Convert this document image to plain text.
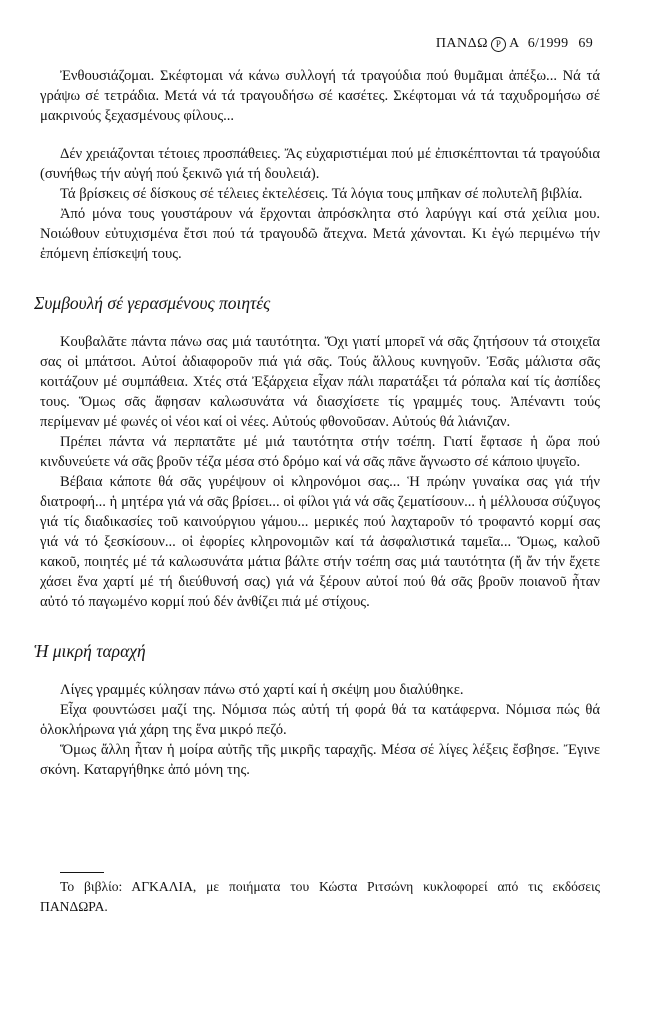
ΠΑΝΔΩ Ρ Α 6/1999 69

Ἐνθουσιάζομαι. Σκέφτομαι νά κάνω συλλογή τά τραγούδια πού θυμᾶμαι ἀπέξω... Νά τά γράψω σέ τετράδια. Μετά νά τά τραγουδήσω σέ κασέτες. Σκέφτομαι νά τά ταχυδρομήσω σέ μακρινούς ξεχασμένους φίλους...

Δέν χρειάζονται τέτοιες προσπάθειες. Ἄς εὐχαριστιέμαι πού μέ ἐπισκέπτονται τά τραγούδια (συνήθως τήν αὐγή πού ξεκινῶ γιά τή δουλειά).

Τά βρίσκεις σέ δίσκους σέ τέλειες ἐκτελέσεις. Τά λόγια τους μπῆκαν σέ πολυτελῆ βιβλία.

Ἀπό μόνα τους γουστάρουν νά ἔρχονται ἀπρόσκλητα στό λαρύγγι καί στά χείλια μου. Νοιώθουν εὐτυχισμένα ἔτσι πού τά τραγουδῶ ἄτεχνα. Μετά χάνονται. Κι ἐγώ περιμένω τήν ἑπόμενη ἐπίσκεψή τους.

Συμβουλή σέ γερασμένους ποιητές

Κουβαλᾶτε πάντα πάνω σας μιά ταυτότητα. Ὄχι γιατί μπορεῖ νά σᾶς ζητήσουν τά στοιχεῖα σας οἱ μπάτσοι. Αὐτοί ἀδιαφοροῦν πιά γιά σᾶς. Τούς ἄλλους κυνηγοῦν. Ἐσᾶς μάλιστα σᾶς κοιτάζουν μέ συμπάθεια. Χτές στά Ἐξάρχεια εἶχαν πάλι παρατάξει τά ρόπαλα καί τίς ἀσπίδες τους. Ὅμως σᾶς ἄφησαν καλωσυνάτα νά διασχίσετε τίς γραμμές τους. Ἀπέναντι τούς περίμεναν μέ φωνές οἱ νέοι καί οἱ νέες. Αὐτούς φθονοῦσαν. Αὐτούς θά λιάνιζαν.

Πρέπει πάντα νά περπατᾶτε μέ μιά ταυτότητα στήν τσέπη. Γιατί ἔφτασε ἡ ὥρα πού κινδυνεύετε νά σᾶς βροῦν τέζα μέσα στό δρόμο καί νά σᾶς πᾶνε ἄγνωστο σέ κάποιο ψυγεῖο.

Βέβαια κάποτε θά σᾶς γυρέψουν οἱ κληρονόμοι σας... Ἡ πρώην γυναίκα σας γιά τήν διατροφή... ἡ μητέρα γιά νά σᾶς βρίσει... οἱ φίλοι γιά νά σᾶς ζεματίσουν... ἡ μέλλουσα σύζυγος γιά τίς διαδικασίες τοῦ καινούργιου γάμου... μερικές πού λαχταροῦν τό τροφαντό κορμί σας γιά νά τό ξεσκίσουν... οἱ ἐφορίες κληρονομιῶν καί τά ἀσφαλιστικά ταμεῖα... Ὅμως, καλοῦ κακοῦ, ποιητές μέ τά καλωσυνάτα μάτια βάλτε στήν τσέπη σας μιά ταυτότητα (ἤ ἄν τήν ἔχετε χάσει ἕνα χαρτί μέ τή διεύθυνσή σας) γιά νά ξέρουν αὐτοί πού θά σᾶς βροῦν ποιανοῦ ἦταν αὐτό τό παγωμένο κορμί πού δέν ἀνθίζει πιά μέ στίχους.

Ἡ μικρή ταραχή

Λίγες γραμμές κύλησαν πάνω στό χαρτί καί ἡ σκέψη μου διαλύθηκε.

Εἶχα φουντώσει μαζί της. Νόμισα πώς αὐτή τή φορά θά τα κατάφερνα. Νόμισα πώς θά ὁλοκλήρωνα γιά χάρη της ἕνα μικρό πεζό.

Ὅμως ἄλλη ἦταν ἡ μοίρα αὐτῆς τῆς μικρῆς ταραχῆς. Μέσα σέ λίγες λέξεις ἔσβησε. Ἔγινε σκόνη. Καταργήθηκε ἀπό μόνη της.

Το βιβλίο: ΑΓΚΑΛΙΑ, με ποιήματα του Κώστα Ριτσώνη κυκλοφορεί από τις εκδόσεις ΠΑΝΔΩΡΑ.
